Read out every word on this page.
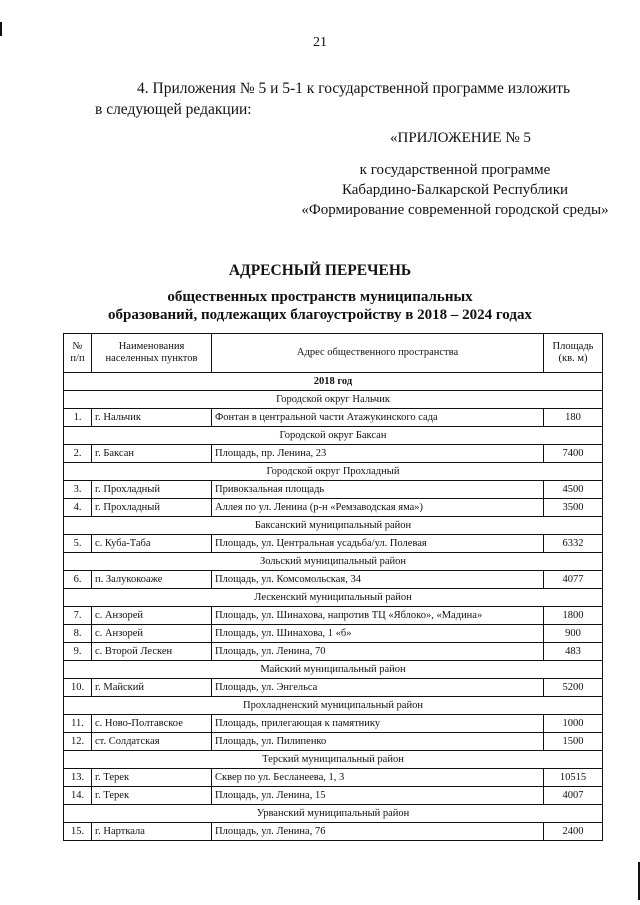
21
4. Приложения № 5 и 5-1 к государственной программе изложить
в следующей редакции:
«ПРИЛОЖЕНИЕ № 5
к государственной программе
Кабардино-Балкарской Республики
«Формирование современной городской среды»
АДРЕСНЫЙ ПЕРЕЧЕНЬ
общественных пространств муниципальных
образований, подлежащих благоустройству в 2018 – 2024 годах
№ п/п	Наименования населенных пунктов	Адрес общественного пространства	Площадь (кв. м)
2018 год			
Городской округ Нальчик			
1.	г. Нальчик	Фонтан в центральной части Атажукинского сада	180
Городской округ Баксан			
2.	г. Баксан	Площадь, пр. Ленина, 23	7400
Городской округ Прохладный			
3.	г. Прохладный	Привокзальная площадь	4500
4.	г. Прохладный	Аллея по ул. Ленина (р-н «Ремзаводская яма»)	3500
Баксанский муниципальный район			
5.	с. Куба-Таба	Площадь, ул. Центральная усадьба/ул. Полевая	6332
Зольский муниципальный район			
6.	п. Залукокоаже	Площадь, ул. Комсомольская, 34	4077
Лескенский муниципальный район			
7.	с. Анзорей	Площадь, ул. Шинахова, напротив ТЦ «Яблоко», «Мадина»	1800
8.	с. Анзорей	Площадь, ул. Шинахова, 1 «б»	900
9.	с. Второй Лескен	Площадь, ул. Ленина, 70	483
Майский муниципальный район			
10.	г. Майский	Площадь, ул. Энгельса	5200
Прохладненский муниципальный район			
11.	с. Ново-Полтавское	Площадь, прилегающая к памятнику	1000
12.	ст. Солдатская	Площадь, ул. Пилипенко	1500
Терский муниципальный район			
13.	г. Терек	Сквер по ул. Бесланеева, 1, 3	10515
14.	г. Терек	Площадь, ул. Ленина, 15	4007
Урванский муниципальный район			
15.	г. Нарткала	Площадь, ул. Ленина, 76	2400
